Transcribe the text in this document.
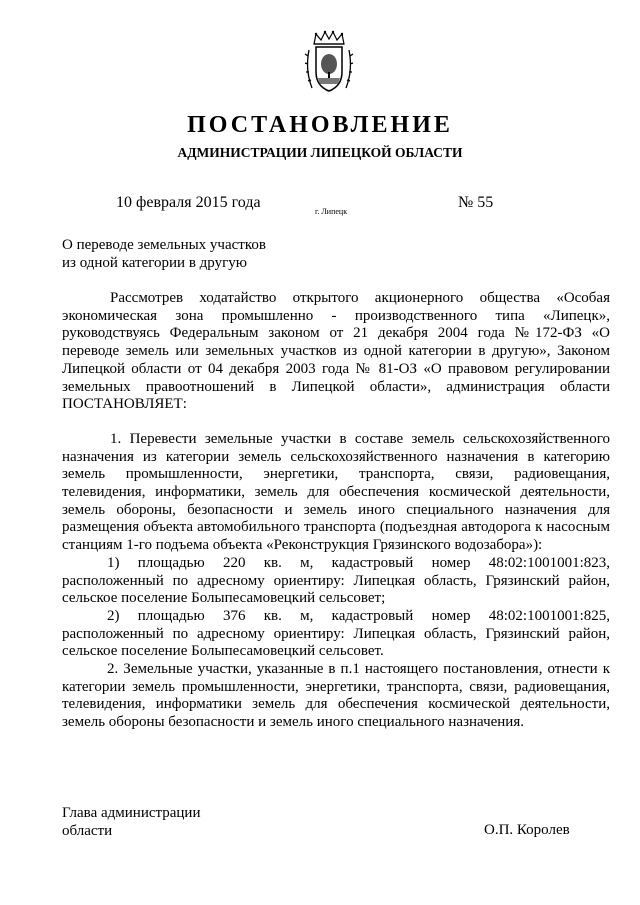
ПОСТАНОВЛЕНИЕ
АДМИНИСТРАЦИИ ЛИПЕЦКОЙ ОБЛАСТИ
10 февраля 2015 года
г. Липецк
№ 55
О переводе земельных участков
из одной категории в другую

Рассмотрев ходатайство открытого акционерного общества «Особая экономическая зона промышленно - производственного типа «Липецк», руководствуясь Федеральным законом от 21 декабря 2004 года №172-ФЗ «О переводе земель или земельных участков из одной категории в другую», Законом Липецкой области от 04 декабря 2003 года № 81-ОЗ «О правовом регулировании земельных правоотношений в Липецкой области», администрация области ПОСТАНОВЛЯЕТ:

1. Перевести земельные участки в составе земель сельскохозяйственного назначения из категории земель сельскохозяйственного назначения в категорию земель промышленности, энергетики, транспорта, связи, радиовещания, телевидения, информатики, земель для обеспечения космической деятельности, земель обороны, безопасности и земель иного специального назначения для размещения объекта автомобильного транспорта (подъездная автодорога к насосным станциям 1-го подъема объекта «Реконструкция Грязинского водозабора»):

1) площадью 220 кв. м, кадастровый номер 48:02:1001001:823, расположенный по адресному ориентиру: Липецкая область, Грязинский район, сельское поселение Болыпесамовецкий сельсовет;

2) площадью 376 кв. м, кадастровый номер 48:02:1001001:825, расположенный по адресному ориентиру: Липецкая область, Грязинский район, сельское поселение Болыпесамовецкий сельсовет.

2. Земельные участки, указанные в п.1 настоящего постановления, отнести к категории земель промышленности, энергетики, транспорта, связи, радиовещания, телевидения, информатики земель для обеспечения космической деятельности, земель обороны безопасности и земель иного специального назначения.

Глава администрации
области	О.П. Королев
